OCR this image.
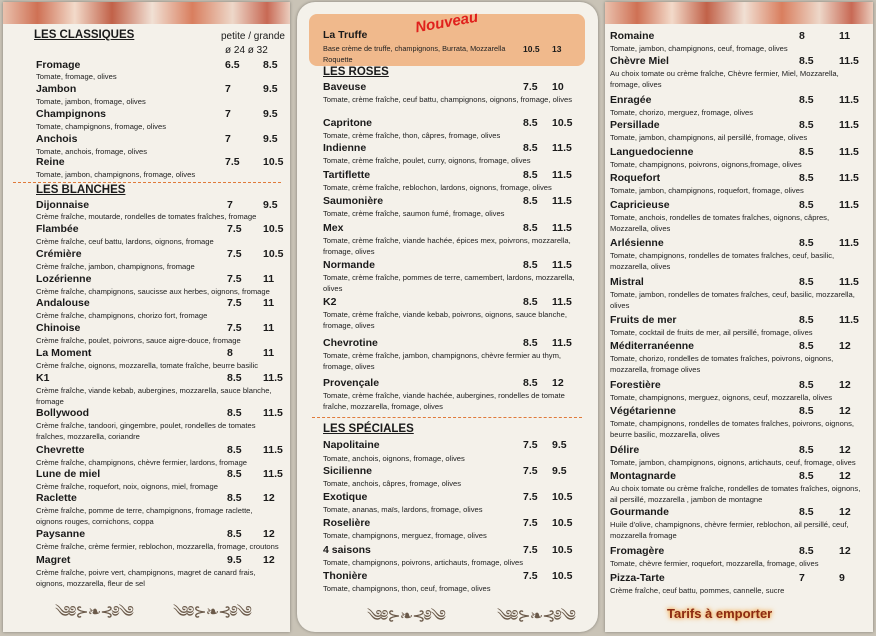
LES CLASSIQUES	petite / grande
ø 24 ø 32
Fromage	6.5 8.5
Tomate, fromage, olives
Jambon	7	9.5
Tomate, jambon, fromage, olives
Champignons	7	9.5
Tomate, champignons, fromage, olives
Anchois	7	9.5
Tomate, anchois, fromage, olives
Reine	7.5 10.5
Tomate, jambon, champignons, fromage, olives
LES BLANCHES
Dijonnaise	7	9.5
Crème fraîche, moutarde, rondelles de tomates fraîches, fromage
Flambée	7.5 10.5
Crème fraîche, ceuf battu, lardons, oignons, fromage
Crémière	7.5 10.5
Crème fraîche, jambon, champignons, fromage
Lozérienne	7.5 11
Crème fraîche, champignons, saucisse aux herbes, oignons, fromage
Andalouse	7.5 11
Crème fraîche, champignons, chorizo fort, fromage
Chinoise	7.5 11
Crème fraîche, poulet, poivrons, sauce aigre-douce, fromage
La Moment	8	11
Crème fraîche, oignons, mozzarella, tomate fraîche, beurre basilic
K1	8.5 11.5
Crème fraîche, viande kebab, aubergines, mozzarella, sauce blanche, fromage
Bollywood	8.5 11.5
Crème fraîche, tandoori, gingembre, poulet, rondelles de tomates fraîches, mozzarella, coriandre
Chevrette	8.5 11.5
Crème fraîche, champignons, chèvre fermier, lardons, fromage
Lune de miel	8.5 11.5
Crème fraîche, roquefort, noix, oignons, miel, fromage
Raclette	8.5 12
Crème fraîche, pomme de terre, champignons, fromage raclette, oignons rouges, cornichons, coppa
Paysanne	8.5 12
Crème fraîche, crème fermier, reblochon, mozzarella, fromage, croutons
Magret	9.5 12
Crème fraîche, poivre vert, champignons, magret de canard frais, oignons, mozzarella, fleur de sel
༄༅⊱❧⊰༅༄	༄༅⊱❧⊰༅༄
Nouveau
La Truffe
Base crème de truffe, champignons, Burrata, Mozzarella Roquette
10.5 13
LES ROSES
Baveuse	7.5 10
Tomate, crème fraîche, ceuf battu, champignons, oignons, fromage, olives
Capritone	8.5 10.5
Tomate, crème fraîche, thon, câpres, fromage, olives
Indienne	8.5 11.5
Tomate, crème fraîche, poulet, curry, oignons, fromage, olives
Tartiflette	8.5 11.5
Tomate, crème fraîche, reblochon, lardons, oignons, fromage, olives
Saumonière	8.5 11.5
Tomate, crème fraîche, saumon fumé, fromage, olives
Mex	8.5 11.5
Tomate, crème fraîche, viande hachée, épices mex, poivrons, mozzarella, fromage, olives
Normande	8.5 11.5
Tomate, crème fraîche, pommes de terre, camembert, lardons, mozzarella, olives
K2	8.5 11.5
Tomate, crème fraîche, viande kebab, poivrons, oignons, sauce blanche, fromage, olives
Chevrotine	8.5 11.5
Tomate, crème fraîche, jambon, champignons, chèvre fermier au thym, fromage, olives
Provençale	8.5 12
Tomate, crème fraîche, viande hachée, aubergines, rondelles de tomate fraîche, mozzarella, fromage, olives
LES SPÉCIALES
Napolitaine	7.5 9.5
Tomate, anchois, oignons, fromage, olives
Sicilienne	7.5 9.5
Tomate, anchois, câpres, fromage, olives
Exotique	7.5 10.5
Tomate, ananas, maïs, lardons, fromage, olives
Roselière	7.5 10.5
Tomate, champignons, merguez, fromage, olives
4 saisons	7.5 10.5
Tomate, champignons, poivrons, artichauts, fromage, olives
Thonière	7.5 10.5
Tomate, champignons, thon, ceuf, fromage, olives
༄༅⊱❧⊰༅༄	༄༅⊱❧⊰༅༄
Romaine	8	11
Tomate, jambon, champignons, ceuf, fromage, olives
Chèvre Miel	8.5 11.5
Au choix tomate ou crème fraîche, Chèvre fermier, Miel, Mozzarella, fromage, olives
Enragée	8.5 11.5
Tomate, chorizo, merguez, fromage, olives
Persillade	8.5 11.5
Tomate, jambon, champignons, ail persillé, fromage, olives
Languedocienne	8.5 11.5
Tomate, champignons, poivrons, oignons,fromage, olives
Roquefort	8.5 11.5
Tomate, jambon, champignons, roquefort, fromage, olives
Capricieuse	8.5 11.5
Tomate, anchois, rondelles de tomates fraîches, oignons, câpres, Mozzarella, olives
Arlésienne	8.5 11.5
Tomate, champignons, rondelles de tomates fraîches, ceuf, basilic, mozzarella, olives
Mistral	8.5 11.5
Tomate, jambon, rondelles de tomates fraîches, ceuf, basilic, mozzarella, olives
Fruits de mer	8.5 11.5
Tomate, cocktail de fruits de mer, ail persillé, fromage, olives
Méditerranéenne	8.5 12
Tomate, chorizo, rondelles de tomates fraîches, poivrons, oignons, mozzarella, fromage olives
Forestière	8.5 12
Tomate, champignons, merguez, oignons, ceuf, mozzarella, olives
Végétarienne	8.5 12
Tomate, champignons, rondelles de tomates fraîches, poivrons, oignons, beurre basilic, mozzarella, olives
Délire	8.5 12
Tomate, jambon, champignons, oignons, artichauts, ceuf, fromage, olives
Montagnarde	8.5 12
Au choix tomate ou crème fraîche, rondelles de tomates fraîches, oignons, ail persillé, mozzarella , jambon de montagne
Gourmande	8.5 12
Huile d'olive, champignons, chèvre fermier, reblochon, ail persillé, ceuf, mozzarella fromage
Fromagère	8.5 12
Tomate, chèvre fermier, roquefort, mozzarella, fromage, olives
Pizza-Tarte	7	9
Crème fraîche, ceuf battu, pommes, cannelle, sucre
Tarifs à emporter
